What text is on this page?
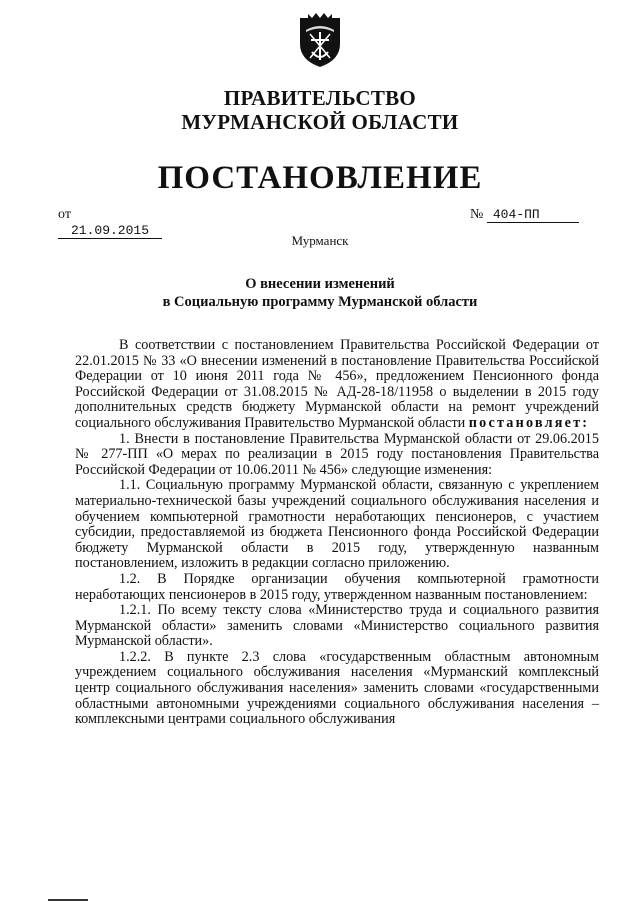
ПРАВИТЕЛЬСТВО
МУРМАНСКОЙ ОБЛАСТИ
ПОСТАНОВЛЕНИЕ
от 21.09.2015
№ 404-ПП
Мурманск
О внесении изменений
в Социальную программу Мурманской области

В соответствии с постановлением Правительства Российской Федерации от 22.01.2015 № 33 «О внесении изменений в постановление Правительства Российской Федерации от 10 июня 2011 года № 456», предложением Пенсионного фонда Российской Федерации от 31.08.2015 № АД-28-18/11958 о выделении в 2015 году дополнительных средств бюджету Мурманской области на ремонт учреждений социального обслуживания Правительство Мурманской области постановляет:

1. Внести в постановление Правительства Мурманской области от 29.06.2015 № 277-ПП «О мерах по реализации в 2015 году постановления Правительства Российской Федерации от 10.06.2011 № 456» следующие изменения:

1.1. Социальную программу Мурманской области, связанную с укреплением материально-технической базы учреждений социального обслуживания населения и обучением компьютерной грамотности неработающих пенсионеров, с участием субсидии, предоставляемой из бюджета Пенсионного фонда Российской Федерации бюджету Мурманской области в 2015 году, утвержденную названным постановлением, изложить в редакции согласно приложению.

1.2. В Порядке организации обучения компьютерной грамотности неработающих пенсионеров в 2015 году, утвержденном названным постановлением:

1.2.1. По всему тексту слова «Министерство труда и социального развития Мурманской области» заменить словами «Министерство социального развития Мурманской области».

1.2.2. В пункте 2.3 слова «государственным областным автономным учреждением социального обслуживания населения «Мурманский комплексный центр социального обслуживания населения» заменить словами «государственными областными автономными учреждениями социального обслуживания населения – комплексными центрами социального обслуживания
